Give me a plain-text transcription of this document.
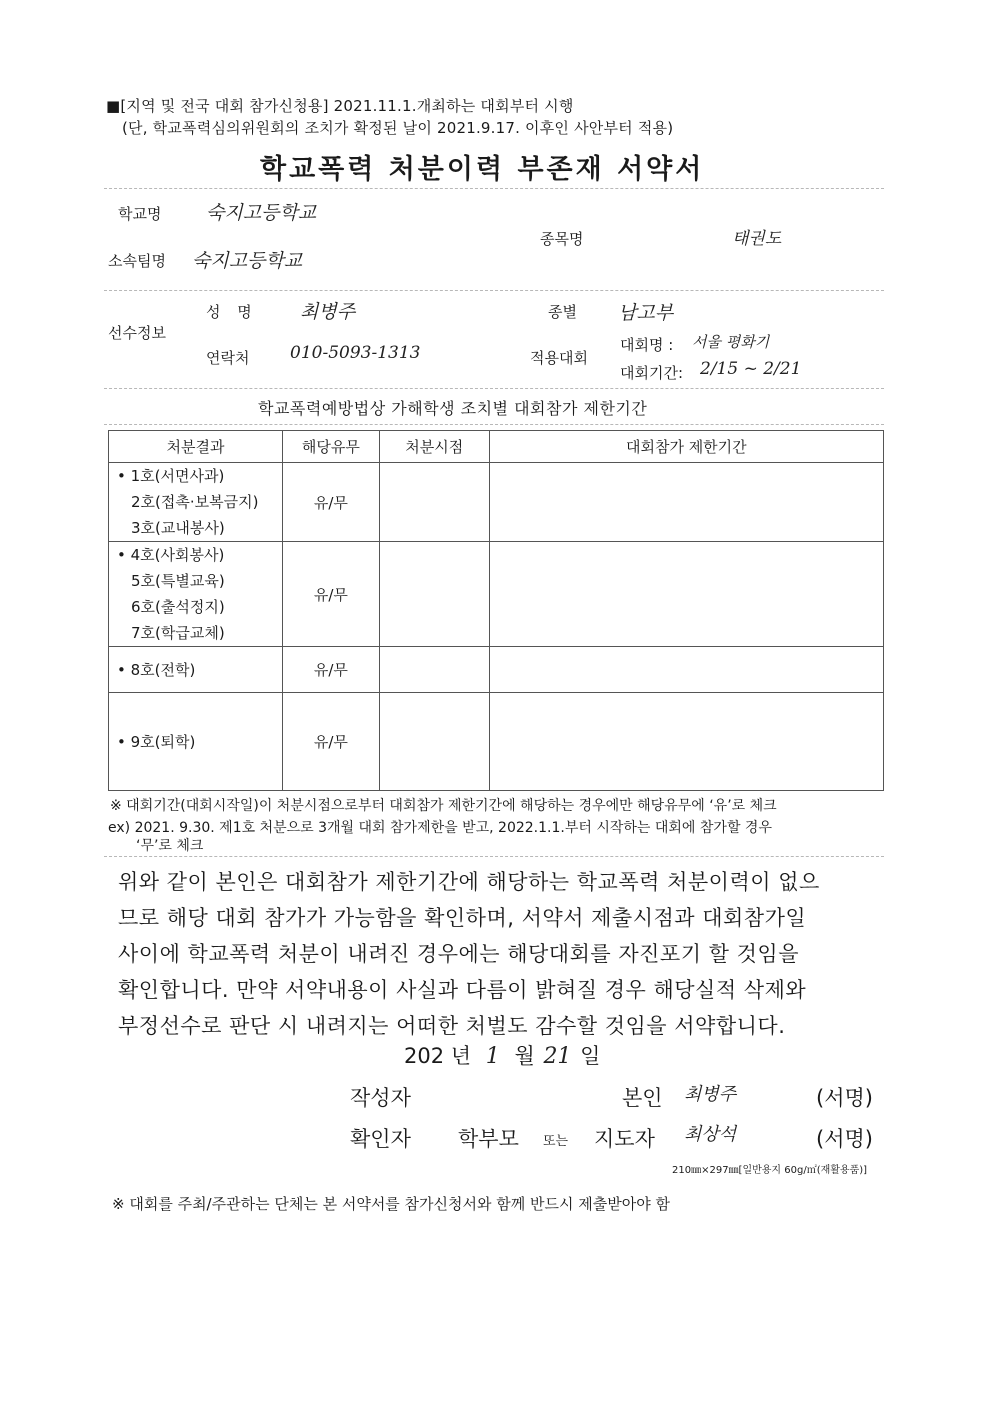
■[지역 및 전국 대회 참가신청용] 2021.11.1.개최하는 대회부터 시행
(단, 학교폭력심의위원회의 조치가 확정된 날이 2021.9.17. 이후인 사안부터 적용)
학교폭력 처분이력 부존재 서약서
학교명 숙지고등학교
종목명	태권도
소속팀명 숙지고등학교
선수정보
성 명 최병주	종별 남고부
연락처 010-5093-1313	적용대회
대회명 : 서울 평화기
대회기간: 2/15 ~ 2/21
학교폭력예방법상 가해학생 조치별 대회참가 제한기간
처분결과	해당유무	처분시점	대회참가 제한기간

• 1호(서면사과)
2호(접촉·보복금지)
3호(교내봉사)	유/무		

• 4호(사회봉사)
5호(특별교육)
6호(출석정지)
7호(학급교체)	유/무		

• 8호(전학)	유/무		

• 9호(퇴학)	유/무		
※ 대회기간(대회시작일)이 처분시점으로부터 대회참가 제한기간에 해당하는 경우에만 해당유무에 ‘유’로 체크
ex) 2021. 9.30. 제1호 처분으로 3개월 대회 참가제한을 받고, 2022.1.1.부터 시작하는 대회에 참가할 경우
‘무’로 체크
위와 같이 본인은 대회참가 제한기간에 해당하는 학교폭력 처분이력이 없으
므로 해당 대회 참가가 가능함을 확인하며, 서약서 제출시점과 대회참가일
사이에 학교폭력 처분이 내려진 경우에는 해당대회를 자진포기 할 것임을
확인합니다. 만약 서약내용이 사실과 다름이 밝혀질 경우 해당실적 삭제와
부정선수로 판단 시 내려지는 어떠한 처벌도 감수할 것임을 서약합니다.
202 년 1 월 21 일
작성자	본인 최병주	(서명)
확인자 학부모 또는 지도자 최상석	(서명)
210㎜×297㎜[일반용지 60g/㎡(재활용품)]
※ 대회를 주최/주관하는 단체는 본 서약서를 참가신청서와 함께 반드시 제출받아야 함
